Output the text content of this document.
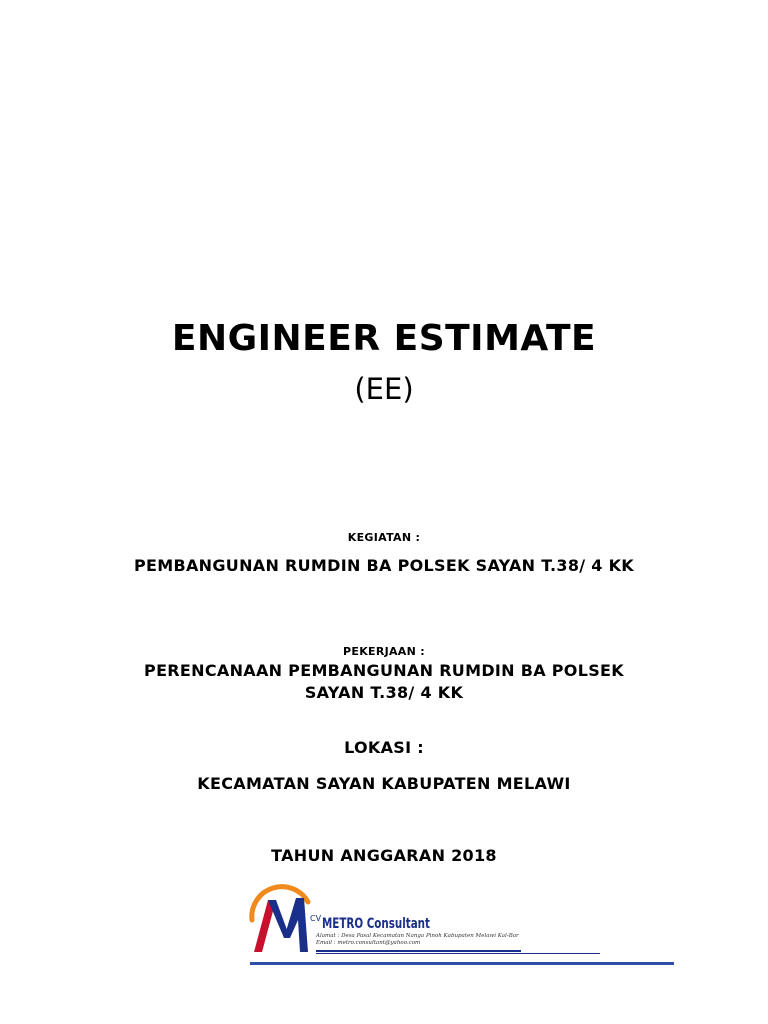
ENGINEER ESTIMATE
(EE)
KEGIATAN :
PEMBANGUNAN RUMDIN BA POLSEK SAYAN T.38/ 4 KK
PEKERJAAN :
PERENCANAAN PEMBANGUNAN RUMDIN BA POLSEK
SAYAN T.38/ 4 KK
LOKASI :
KECAMATAN SAYAN KABUPATEN MELAWI
TAHUN ANGGARAN 2018
CV METRO Consultant
Alamat : Desa Pasal Kecamatan Nanga Pinoh Kabupaten Melawi Kal-Bar
Email : metro.consultant@yahoo.com
